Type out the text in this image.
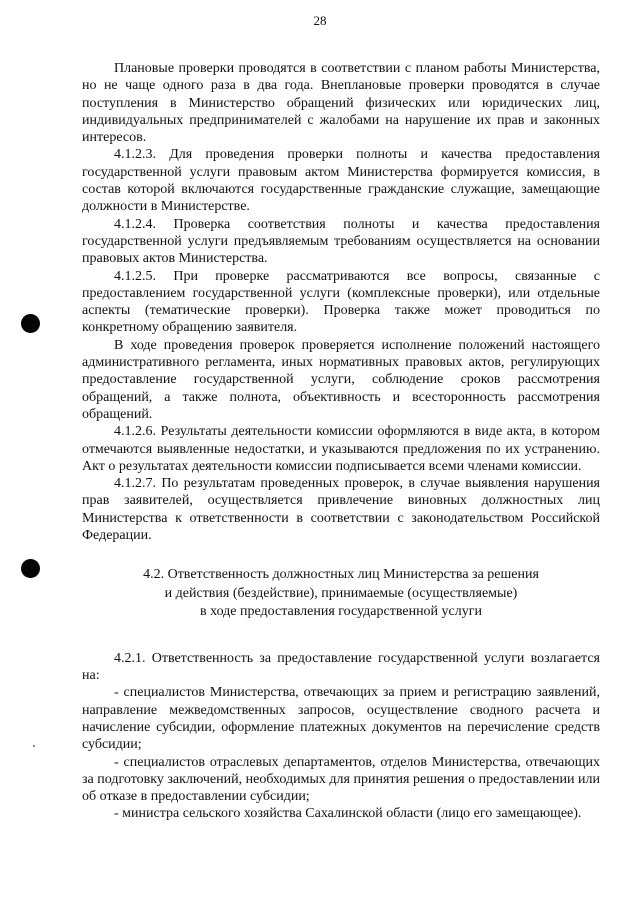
28

Плановые проверки проводятся в соответствии с планом работы Министерства, но не чаще одного раза в два года. Внеплановые проверки проводятся в случае поступления в Министерство обращений физических или юридических лиц, индивидуальных предпринимателей с жалобами на нарушение их прав и законных интересов.

4.1.2.3. Для проведения проверки полноты и качества предоставления государственной услуги правовым актом Министерства формируется комиссия, в состав которой включаются государственные гражданские служащие, замещающие должности в Министерстве.

4.1.2.4. Проверка соответствия полноты и качества предоставления государственной услуги предъявляемым требованиям осуществляется на основании правовых актов Министерства.

4.1.2.5. При проверке рассматриваются все вопросы, связанные с предоставлением государственной услуги (комплексные проверки), или отдельные аспекты (тематические проверки). Проверка также может проводиться по конкретному обращению заявителя.

В ходе проведения проверок проверяется исполнение положений настоящего административного регламента, иных нормативных правовых актов, регулирующих предоставление государственной услуги, соблюдение сроков рассмотрения обращений, а также полнота, объективность и всесторонность рассмотрения обращений.

4.1.2.6. Результаты деятельности комиссии оформляются в виде акта, в котором отмечаются выявленные недостатки, и указываются предложения по их устранению. Акт о результатах деятельности комиссии подписывается всеми членами комиссии.

4.1.2.7. По результатам проведенных проверок, в случае выявления нарушения прав заявителей, осуществляется привлечение виновных должностных лиц Министерства к ответственности в соответствии с законодательством Российской Федерации.

4.2. Ответственность должностных лиц Министерства за решения
и действия (бездействие), принимаемые (осуществляемые)
в ходе предоставления государственной услуги

4.2.1. Ответственность за предоставление государственной услуги возлагается на:

- специалистов Министерства, отвечающих за прием и регистрацию заявлений, направление межведомственных запросов, осуществление сводного расчета и начисление субсидии, оформление платежных документов на перечисление средств субсидии;

- специалистов отраслевых департаментов, отделов Министерства, отвечающих за подготовку заключений, необходимых для принятия решения о предоставлении или об отказе в предоставлении субсидии;

- министра сельского хозяйства Сахалинской области (лицо его замещающее).
